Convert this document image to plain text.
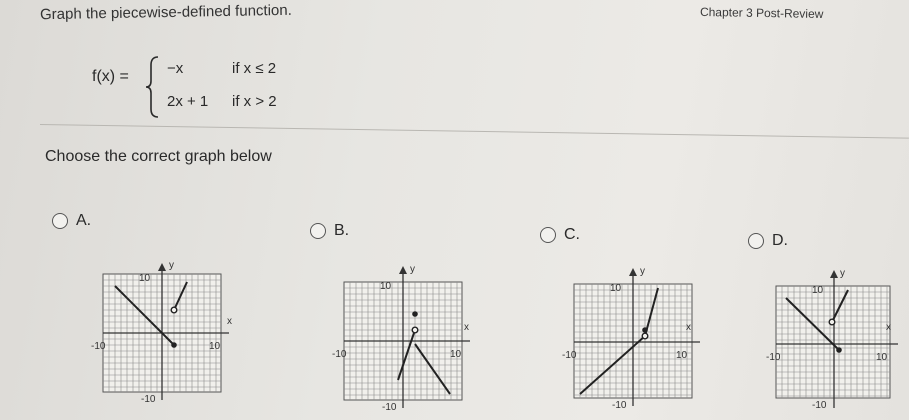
Graph the piecewise-defined function.	Chapter 3 Post-Review
f(x) =	−x	if x ≤ 2
2x + 1 if x > 2
Choose the correct graph below
A.
B.	C.	D.
y
x
10
-10	10
-10
y
x
10
-10	10
-10
y
x
10
-10	10
-10
y
x
10
-10	10
-10
